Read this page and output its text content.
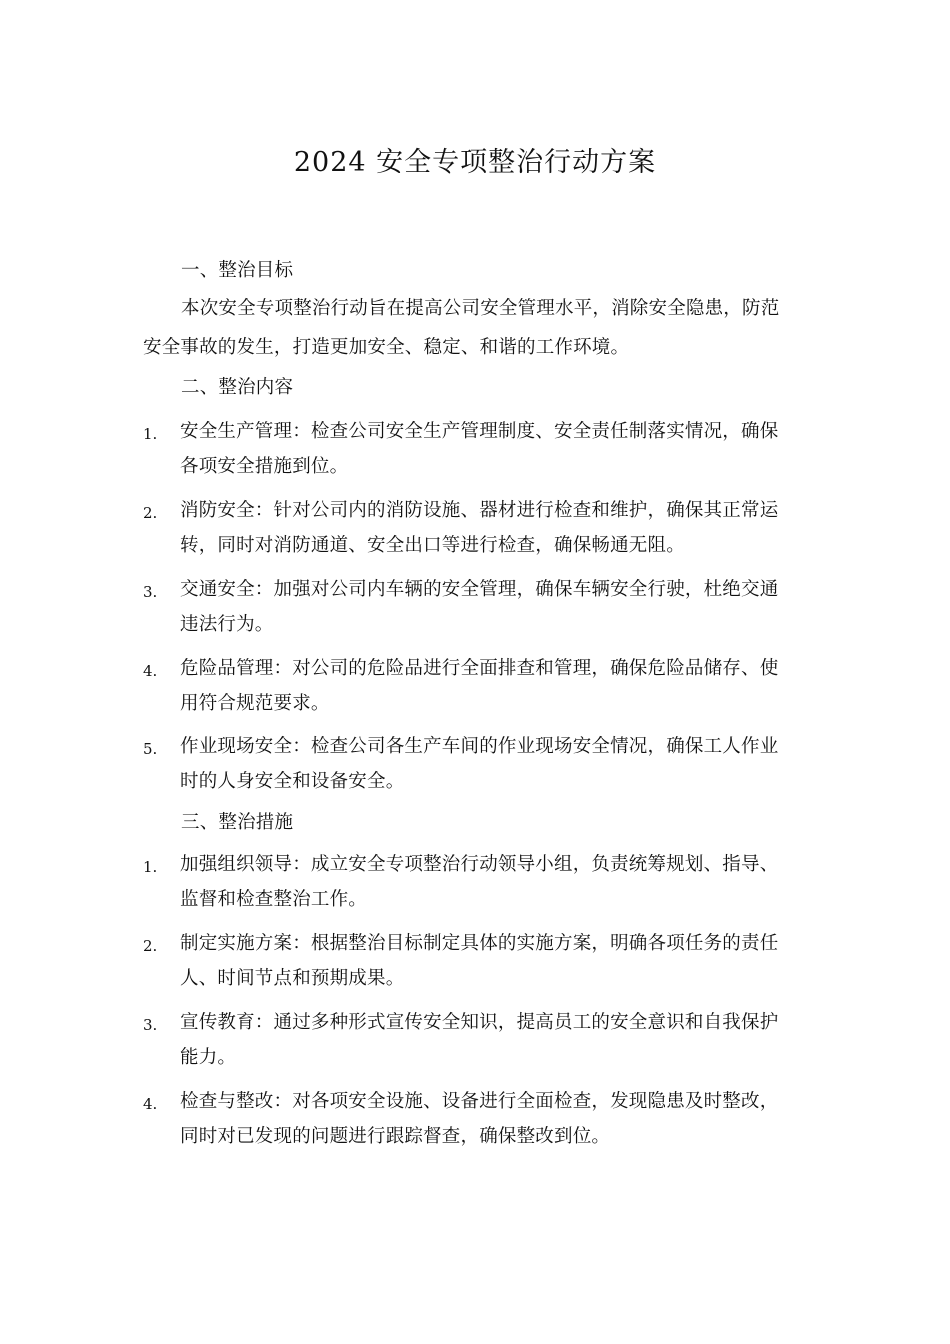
2024 安全专项整治行动方案
一、整治目标
本次安全专项整治行动旨在提高公司安全管理水平，消除安全隐患，防范
安全事故的发生，打造更加安全、稳定、和谐的工作环境。
二、整治内容
1. 安全生产管理：检查公司安全生产管理制度、安全责任制落实情况，确保
各项安全措施到位。
2. 消防安全：针对公司内的消防设施、器材进行检查和维护，确保其正常运
转，同时对消防通道、安全出口等进行检查，确保畅通无阻。
3. 交通安全：加强对公司内车辆的安全管理，确保车辆安全行驶，杜绝交通
违法行为。
4. 危险品管理：对公司的危险品进行全面排查和管理，确保危险品储存、使
用符合规范要求。
5. 作业现场安全：检查公司各生产车间的作业现场安全情况，确保工人作业
时的人身安全和设备安全。
三、整治措施
1. 加强组织领导：成立安全专项整治行动领导小组，负责统筹规划、指导、
监督和检查整治工作。
2. 制定实施方案：根据整治目标制定具体的实施方案，明确各项任务的责任
人、时间节点和预期成果。
3. 宣传教育：通过多种形式宣传安全知识，提高员工的安全意识和自我保护
能力。
4. 检查与整改：对各项安全设施、设备进行全面检查，发现隐患及时整改，
同时对已发现的问题进行跟踪督查，确保整改到位。
